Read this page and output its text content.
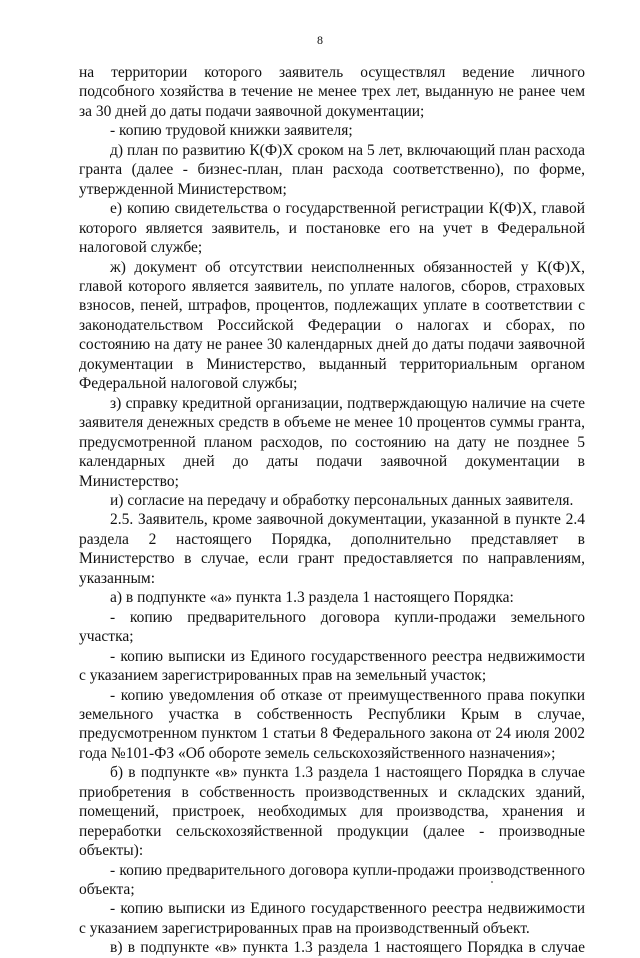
8

на территории которого заявитель осуществлял ведение личного подсобного хозяйства в течение не менее трех лет, выданную не ранее чем за 30 дней до даты подачи заявочной документации;

- копию трудовой книжки заявителя;

д) план по развитию К(Ф)Х сроком на 5 лет, включающий план расхода гранта (далее - бизнес-план, план расхода соответственно), по форме, утвержденной Министерством;

е) копию свидетельства о государственной регистрации К(Ф)Х, главой которого является заявитель, и постановке его на учет в Федеральной налоговой службе;

ж) документ об отсутствии неисполненных обязанностей у К(Ф)Х, главой которого является заявитель, по уплате налогов, сборов, страховых взносов, пеней, штрафов, процентов, подлежащих уплате в соответствии с законодательством Российской Федерации о налогах и сборах, по состоянию на дату не ранее 30 календарных дней до даты подачи заявочной документации в Министерство, выданный территориальным органом Федеральной налоговой службы;

з) справку кредитной организации, подтверждающую наличие на счете заявителя денежных средств в объеме не менее 10 процентов суммы гранта, предусмотренной планом расходов, по состоянию на дату не позднее 5 календарных дней до даты подачи заявочной документации в Министерство;

и) согласие на передачу и обработку персональных данных заявителя.

2.5. Заявитель, кроме заявочной документации, указанной в пункте 2.4 раздела 2 настоящего Порядка, дополнительно представляет в Министерство в случае, если грант предоставляется по направлениям, указанным:

а) в подпункте «а» пункта 1.3 раздела 1 настоящего Порядка:

- копию предварительного договора купли-продажи земельного участка;

- копию выписки из Единого государственного реестра недвижимости с указанием зарегистрированных прав на земельный участок;

- копию уведомления об отказе от преимущественного права покупки земельного участка в собственность Республики Крым в случае, предусмотренном пунктом 1 статьи 8 Федерального закона от 24 июля 2002 года №101-ФЗ «Об обороте земель сельскохозяйственного назначения»;

б) в подпункте «в» пункта 1.3 раздела 1 настоящего Порядка в случае приобретения в собственность производственных и складских зданий, помещений, пристроек, необходимых для производства, хранения и переработки сельскохозяйственной продукции (далее - производные объекты):

- копию предварительного договора купли-продажи производственного объекта;

- копию выписки из Единого государственного реестра недвижимости с указанием зарегистрированных прав на производственный объект.

в) в подпункте «в» пункта 1.3 раздела 1 настоящего Порядка в случае
